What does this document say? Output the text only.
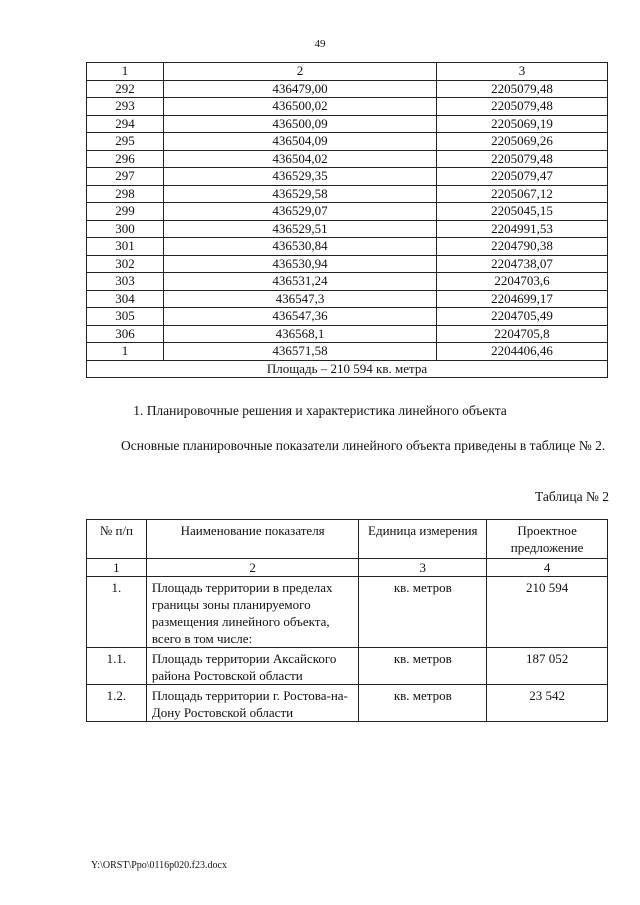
49
1	2	3
292	436479,00	2205079,48
293	436500,02	2205079,48
294	436500,09	2205069,19
295	436504,09	2205069,26
296	436504,02	2205079,48
297	436529,35	2205079,47
298	436529,58	2205067,12
299	436529,07	2205045,15
300	436529,51	2204991,53
301	436530,84	2204790,38
302	436530,94	2204738,07
303	436531,24	2204703,6
304	436547,3	2204699,17
305	436547,36	2204705,49
306	436568,1	2204705,8
1	436571,58	2204406,46
Площадь – 210 594 кв. метра		
1. Планировочные решения и характеристика линейного объекта
Основные планировочные показатели линейного объекта приведены в таблице № 2.
Таблица № 2
№ п/п	Наименование показателя	Единица измерения	Проектное предложение
1	2	3	4
1.	Площадь территории в пределах границы зоны планируемого размещения линейного объекта, всего в том числе:	кв. метров	210 594
1.1.	Площадь территории Аксайского района Ростовской области	кв. метров	187 052
1.2.	Площадь территории г. Ростова-на-Дону Ростовской области	кв. метров	23 542
Y:\ORST\Ppo\0116p020.f23.docx
